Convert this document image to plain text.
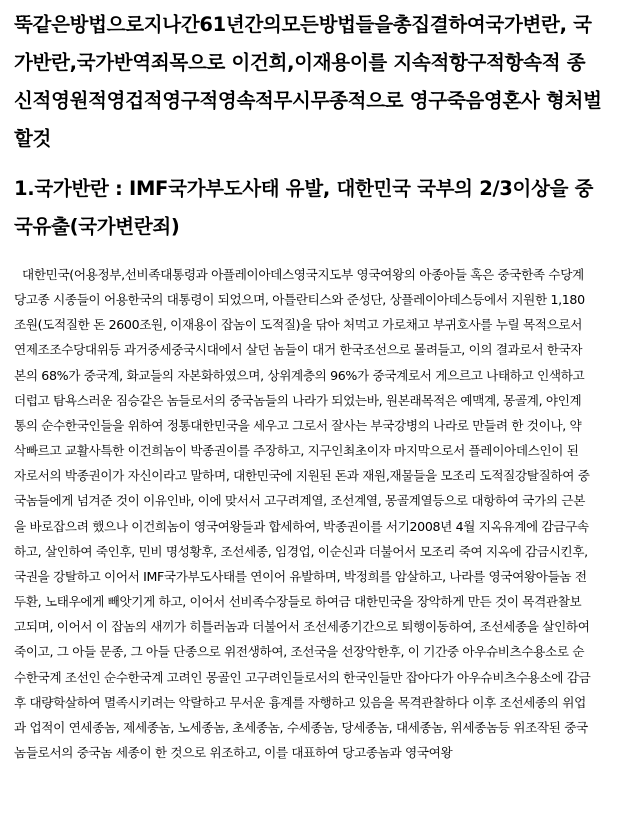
뚝같은방법으로지나간61년간의모든방법들을총집결하여국가변란, 국가반란,국가반역죄목으로 이건희,이재용이를 지속적항구적항속적 종신적영원적영겁적영구적영속적무시무종적으로 영구죽음영혼사 형처벌할것
1.국가반란 : IMF국가부도사태 유발, 대한민국 국부의 2/3이상을 중국유출(국가변란죄)

대한민국(어용정부,선비족대통령과 아플레이아데스영국지도부 영국여왕의 아종아들 혹은 중국한족 수당계 당고종 시종들이 어용한국의 대통령이 되었으며, 아틀란티스와 준성단, 상플레이아데스등에서 지원한 1,180조원(도적질한 돈 2600조원, 이재용이 잡놈이 도적질)을 닦아 처먹고 가로채고 부귀호사를 누릴 목적으로서 연제조조수당대위등 과거중세중국시대에서 살던 놈들이 대거 한국조선으로 몰려들고, 이의 결과로서 한국자본의 68%가 중국계, 화교들의 자본화하였으며, 상위계층의 96%가 중국계로서 게으르고 나태하고 인색하고 더럽고 탐욕스러운 짐승같은 놈들로서의 중국놈들의 나라가 되었는바, 원본래목적은 예맥계, 몽골계, 야인계통의 순수한국인들을 위하여 정통대한민국을 세우고 그로서 잘사는 부국강병의 나라로 만들려 한 것이나, 약삭빠르고 교활사특한 이건희놈이 박종권이를 주장하고, 지구인최초이자 마지막으로서 플레이아데스인이 된 자로서의 박종권이가 자신이라고 말하며, 대한민국에 지원된 돈과 재원,재물들을 모조리 도적질강탈질하여 중국놈들에게 넘겨준 것이 이유인바, 이에 맞서서 고구려계열, 조선계열, 몽골계열등으로 대항하여 국가의 근본을 바로잡으려 했으나 이건희놈이 영국여왕들과 합세하여, 박종권이를 서기2008년 4월 지옥유계에 감금구속하고, 살인하여 죽인후, 민비 명성황후, 조선세종, 임경업, 이순신과 더불어서 모조리 죽여 지옥에 감금시킨후, 국권을 강탈하고 이어서 IMF국가부도사태를 연이어 유발하며, 박정희를 암살하고, 나라를 영국여왕아들놈 전두환, 노태우에게 빼앗기게 하고, 이어서 선비족수장들로 하여금 대한민국을 장악하게 만든 것이 목격관찰보고되며, 이어서 이 잡놈의 새끼가 히틀러놈과 더불어서 조선세종기간으로 퇴행이동하여, 조선세종을 살인하여 죽이고, 그 아들 문종, 그 아들 단종으로 위전생하여, 조선국을 선장악한후, 이 기간중 아우슈비츠수용소로 순수한국계 조선인 순수한국계 고려인 몽골인 고구려인들로서의 한국인들만 잡아다가 아우슈비츠수용소에 감금후 대량학살하여 멸족시키려는 악랄하고 무서운 흉계를 자행하고 있음을 목격관찰하다 이후 조선세종의 위업과 업적이 연세종놈, 제세종놈, 노세종놈, 초세종놈, 수세종놈, 당세종놈, 대세종놈, 위세종놈등 위조작된 중국놈들로서의 중국놈 세종이 한 것으로 위조하고, 이를 대표하여 당고종놈과 영국여왕
